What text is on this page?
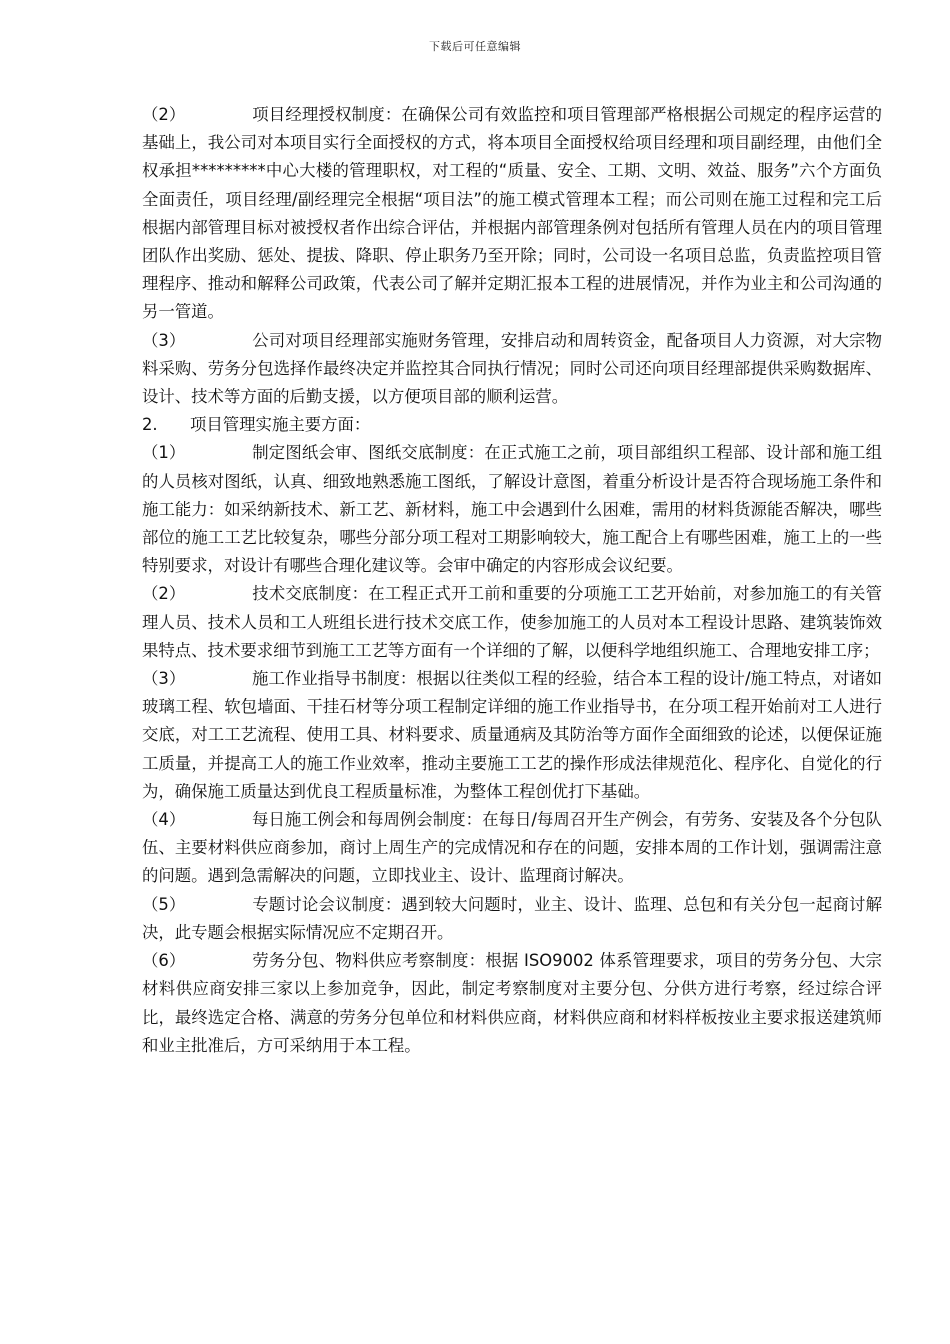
下载后可任意编辑

（2）	项目经理授权制度：在确保公司有效监控和项目管理部严格根据公司规定的程序运营的基础上，我公司对本项目实行全面授权的方式，将本项目全面授权给项目经理和项目副经理，由他们全权承担*********中心大楼的管理职权，对工程的“质量、安全、工期、文明、效益、服务”六个方面负全面责任，项目经理/副经理完全根据“项目法”的施工模式管理本工程；而公司则在施工过程和完工后根据内部管理目标对被授权者作出综合评估，并根据内部管理条例对包括所有管理人员在内的项目管理团队作出奖励、惩处、提拔、降职、停止职务乃至开除；同时，公司设一名项目总监，负责监控项目管理程序、推动和解释公司政策，代表公司了解并定期汇报本工程的进展情况，并作为业主和公司沟通的另一管道。

（3）	公司对项目经理部实施财务管理，安排启动和周转资金，配备项目人力资源，对大宗物料采购、劳务分包选择作最终决定并监控其合同执行情况；同时公司还向项目经理部提供采购数据库、设计、技术等方面的后勤支援，以方便项目部的顺利运营。

2. 项目管理实施主要方面：

（1）	制定图纸会审、图纸交底制度：在正式施工之前，项目部组织工程部、设计部和施工组的人员核对图纸，认真、细致地熟悉施工图纸，了解设计意图，着重分析设计是否符合现场施工条件和施工能力：如采纳新技术、新工艺、新材料，施工中会遇到什么困难，需用的材料货源能否解决，哪些部位的施工工艺比较复杂，哪些分部分项工程对工期影响较大，施工配合上有哪些困难，施工上的一些特别要求，对设计有哪些合理化建议等。会审中确定的内容形成会议纪要。

（2）	技术交底制度：在工程正式开工前和重要的分项施工工艺开始前，对参加施工的有关管理人员、技术人员和工人班组长进行技术交底工作，使参加施工的人员对本工程设计思路、建筑装饰效果特点、技术要求细节到施工工艺等方面有一个详细的了解，以便科学地组织施工、合理地安排工序；

（3）	施工作业指导书制度：根据以往类似工程的经验，结合本工程的设计/施工特点，对诸如玻璃工程、软包墙面、干挂石材等分项工程制定详细的施工作业指导书，在分项工程开始前对工人进行交底，对工工艺流程、使用工具、材料要求、质量通病及其防治等方面作全面细致的论述，以便保证施工质量，并提高工人的施工作业效率，推动主要施工工艺的操作形成法律规范化、程序化、自觉化的行为，确保施工质量达到优良工程质量标准，为整体工程创优打下基础。

（4）	每日施工例会和每周例会制度：在每日/每周召开生产例会，有劳务、安装及各个分包队伍、主要材料供应商参加，商讨上周生产的完成情况和存在的问题，安排本周的工作计划，强调需注意的问题。遇到急需解决的问题，立即找业主、设计、监理商讨解决。

（5）	专题讨论会议制度：遇到较大问题时，业主、设计、监理、总包和有关分包一起商讨解决，此专题会根据实际情况应不定期召开。

（6）	劳务分包、物料供应考察制度：根据 ISO9002 体系管理要求，项目的劳务分包、大宗材料供应商安排三家以上参加竞争，因此，制定考察制度对主要分包、分供方进行考察，经过综合评比，最终选定合格、满意的劳务分包单位和材料供应商，材料供应商和材料样板按业主要求报送建筑师和业主批准后，方可采纳用于本工程。
